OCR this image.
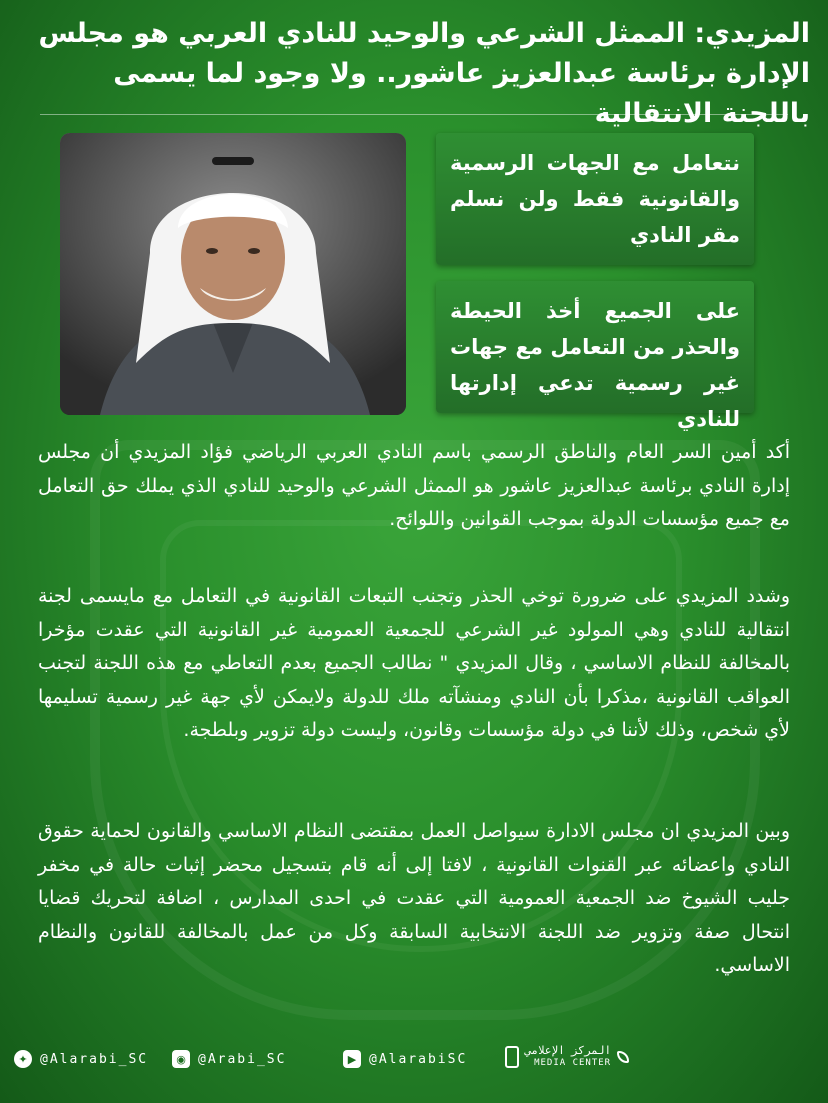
المزيدي: الممثل الشرعي والوحيد للنادي العربي هو مجلس الإدارة برئاسة عبدالعزيز عاشور.. ولا وجود لما يسمى باللجنة الانتقالية
نتعامل مع الجهات الرسمية والقانونية فقط ولن نسلم مقر النادي
على الجميع أخذ الحيطة والحذر من التعامل مع جهات غير رسمية تدعي إدارتها للنادي

أكد أمين السر العام والناطق الرسمي باسم النادي العربي الرياضي فؤاد المزيدي أن مجلس إدارة النادي برئاسة عبدالعزيز عاشور هو الممثل الشرعي والوحيد للنادي الذي يملك حق التعامل مع جميع مؤسسات الدولة بموجب القوانين واللوائح.

وشدد المزيدي على ضرورة توخي الحذر وتجنب التبعات القانونية في التعامل مع مايسمى لجنة انتقالية للنادي وهي المولود غير الشرعي للجمعية العمومية غير القانونية التي عقدت مؤخرا بالمخالفة للنظام الاساسي ، وقال المزيدي " نطالب الجميع بعدم التعاطي مع هذه اللجنة لتجنب العواقب القانونية ،مذكرا بأن النادي ومنشآته ملك للدولة ولايمكن لأي جهة غير رسمية تسليمها لأي شخص، وذلك لأننا في دولة مؤسسات وقانون، وليست دولة تزوير وبلطجة.

وبين المزيدي ان مجلس الادارة سيواصل العمل بمقتضى النظام الاساسي والقانون لحماية حقوق النادي واعضائه عبر القنوات القانونية ، لافتا إلى أنه قام بتسجيل محضر إثبات حالة في مخفر جليب الشيوخ ضد الجمعية العمومية التي عقدت في احدى المدارس ، اضافة لتحريك قضايا انتحال صفة وتزوير ضد اللجنة الانتخابية السابقة وكل من عمل بالمخالفة للقانون والنظام الاساسي.

✦ @Alarabi_SC	◉ @Arabi_SC	▶ @AlarabiSC
المركز الإعلامي
MEDIA CENTER
